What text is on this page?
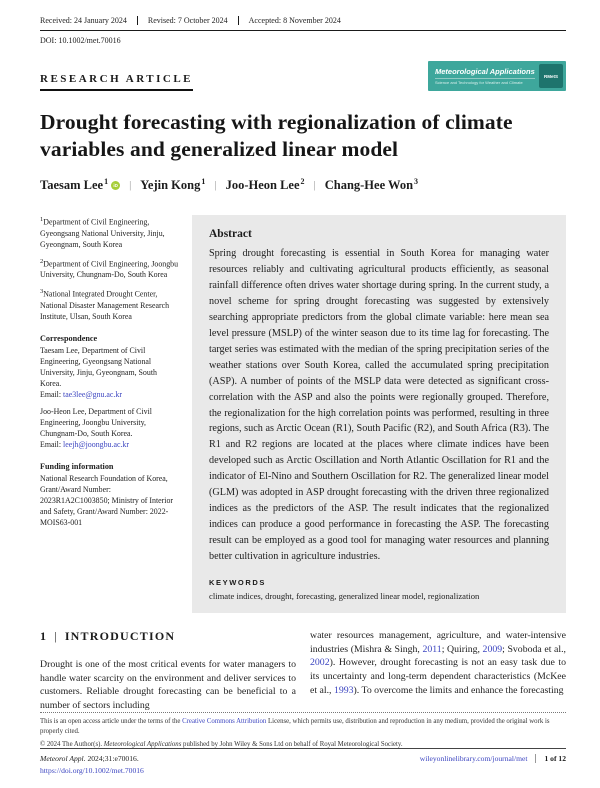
Received: 24 January 2024	Revised: 7 October 2024	Accepted: 8 November 2024
DOI: 10.1002/met.70016
RESEARCH ARTICLE
Meteorological Applications
Science and Technology for Weather and Climate
RMetS
Drought forecasting with regionalization of climate variables and generalized linear model
Taesam Lee$^1$	iD | Yejin Kong$^1$ | Joo-Heon Lee$^2$ | Chang-Hee Won$^3$
$^1$Department of Civil Engineering, Gyeongsang National University, Jinju, Gyeongnam, South Korea
$^2$Department of Civil Engineering, Joongbu University, Chungnam-Do, South Korea
$^3$National Integrated Drought Center, National Disaster Management Research Institute, Ulsan, South Korea
Correspondence

Taesam Lee, Department of Civil Engineering, Gyeongsang National University, Jinju, Gyeongnam, South Korea.
Email: tae3lee@gnu.ac.kr

Joo-Heon Lee, Department of Civil Engineering, Joongbu University, Chungnam-Do, South Korea.
Email: leejh@joongbu.ac.kr

Funding information

National Research Foundation of Korea, Grant/Award Number: 2023R1A2C1003850; Ministry of Interior and Safety, Grant/Award Number: 2022-MOIS63-001

Abstract
Spring drought forecasting is essential in South Korea for managing water resources reliably and cultivating agricultural products efficiently, as seasonal rainfall difference often drives water shortage during spring. In the current study, a novel scheme for spring drought forecasting was suggested by extensively searching appropriate predictors from the global climate variable: here mean sea level pressure (MSLP) of the winter season due to its time lag for forecasting. The target series was estimated with the median of the spring precipitation series of the weather stations over South Korea, called the accumulated spring precipitation (ASP). A number of points of the MSLP data were detected as significant cross-correlation with the ASP and also the points were regionally grouped. Therefore, the regionalization for the high correlation points was performed, resulting in three regions, such as Arctic Ocean (R1), South Pacific (R2), and South Africa (R3). The R1 and R2 regions are located at the places where climate indices have been developed such as Arctic Oscillation and North Atlantic Oscillation for R1 and the indicator of El-Nino and Southern Oscillation for R2. The generalized linear model (GLM) was adopted in ASP drought forecasting with the driven three regionalized indices as the predictors of the ASP. The result indicates that the regionalized indices can produce a good performance in forecasting the ASP. The forecasting result can be employed as a good tool for managing water resources and planning better cultivation in agriculture industries.
KEYWORDS
climate indices, drought, forecasting, generalized linear model, regionalization
1 | INTRODUCTION
Drought is one of the most critical events for water managers to handle water scarcity on the environment and deliver services to customers. Reliable drought forecasting can be beneficial to a number of sectors including
water resources management, agriculture, and water-intensive industries (Mishra & Singh, 2011; Quiring, 2009; Svoboda et al., 2002). However, drought forecasting is not an easy task due to its uncertainty and long-term dependent characteristics (McKee et al., 1993). To overcome the limits and enhance the forecasting
This is an open access article under the terms of the Creative Commons Attribution License, which permits use, distribution and reproduction in any medium, provided the original work is properly cited.
© 2024 The Author(s). Meteorological Applications published by John Wiley & Sons Ltd on behalf of Royal Meteorological Society.
Meteorol Appl. 2024;31:e70016.
https://doi.org/10.1002/met.70016
wileyonlinelibrary.com/journal/met	1 of 12
